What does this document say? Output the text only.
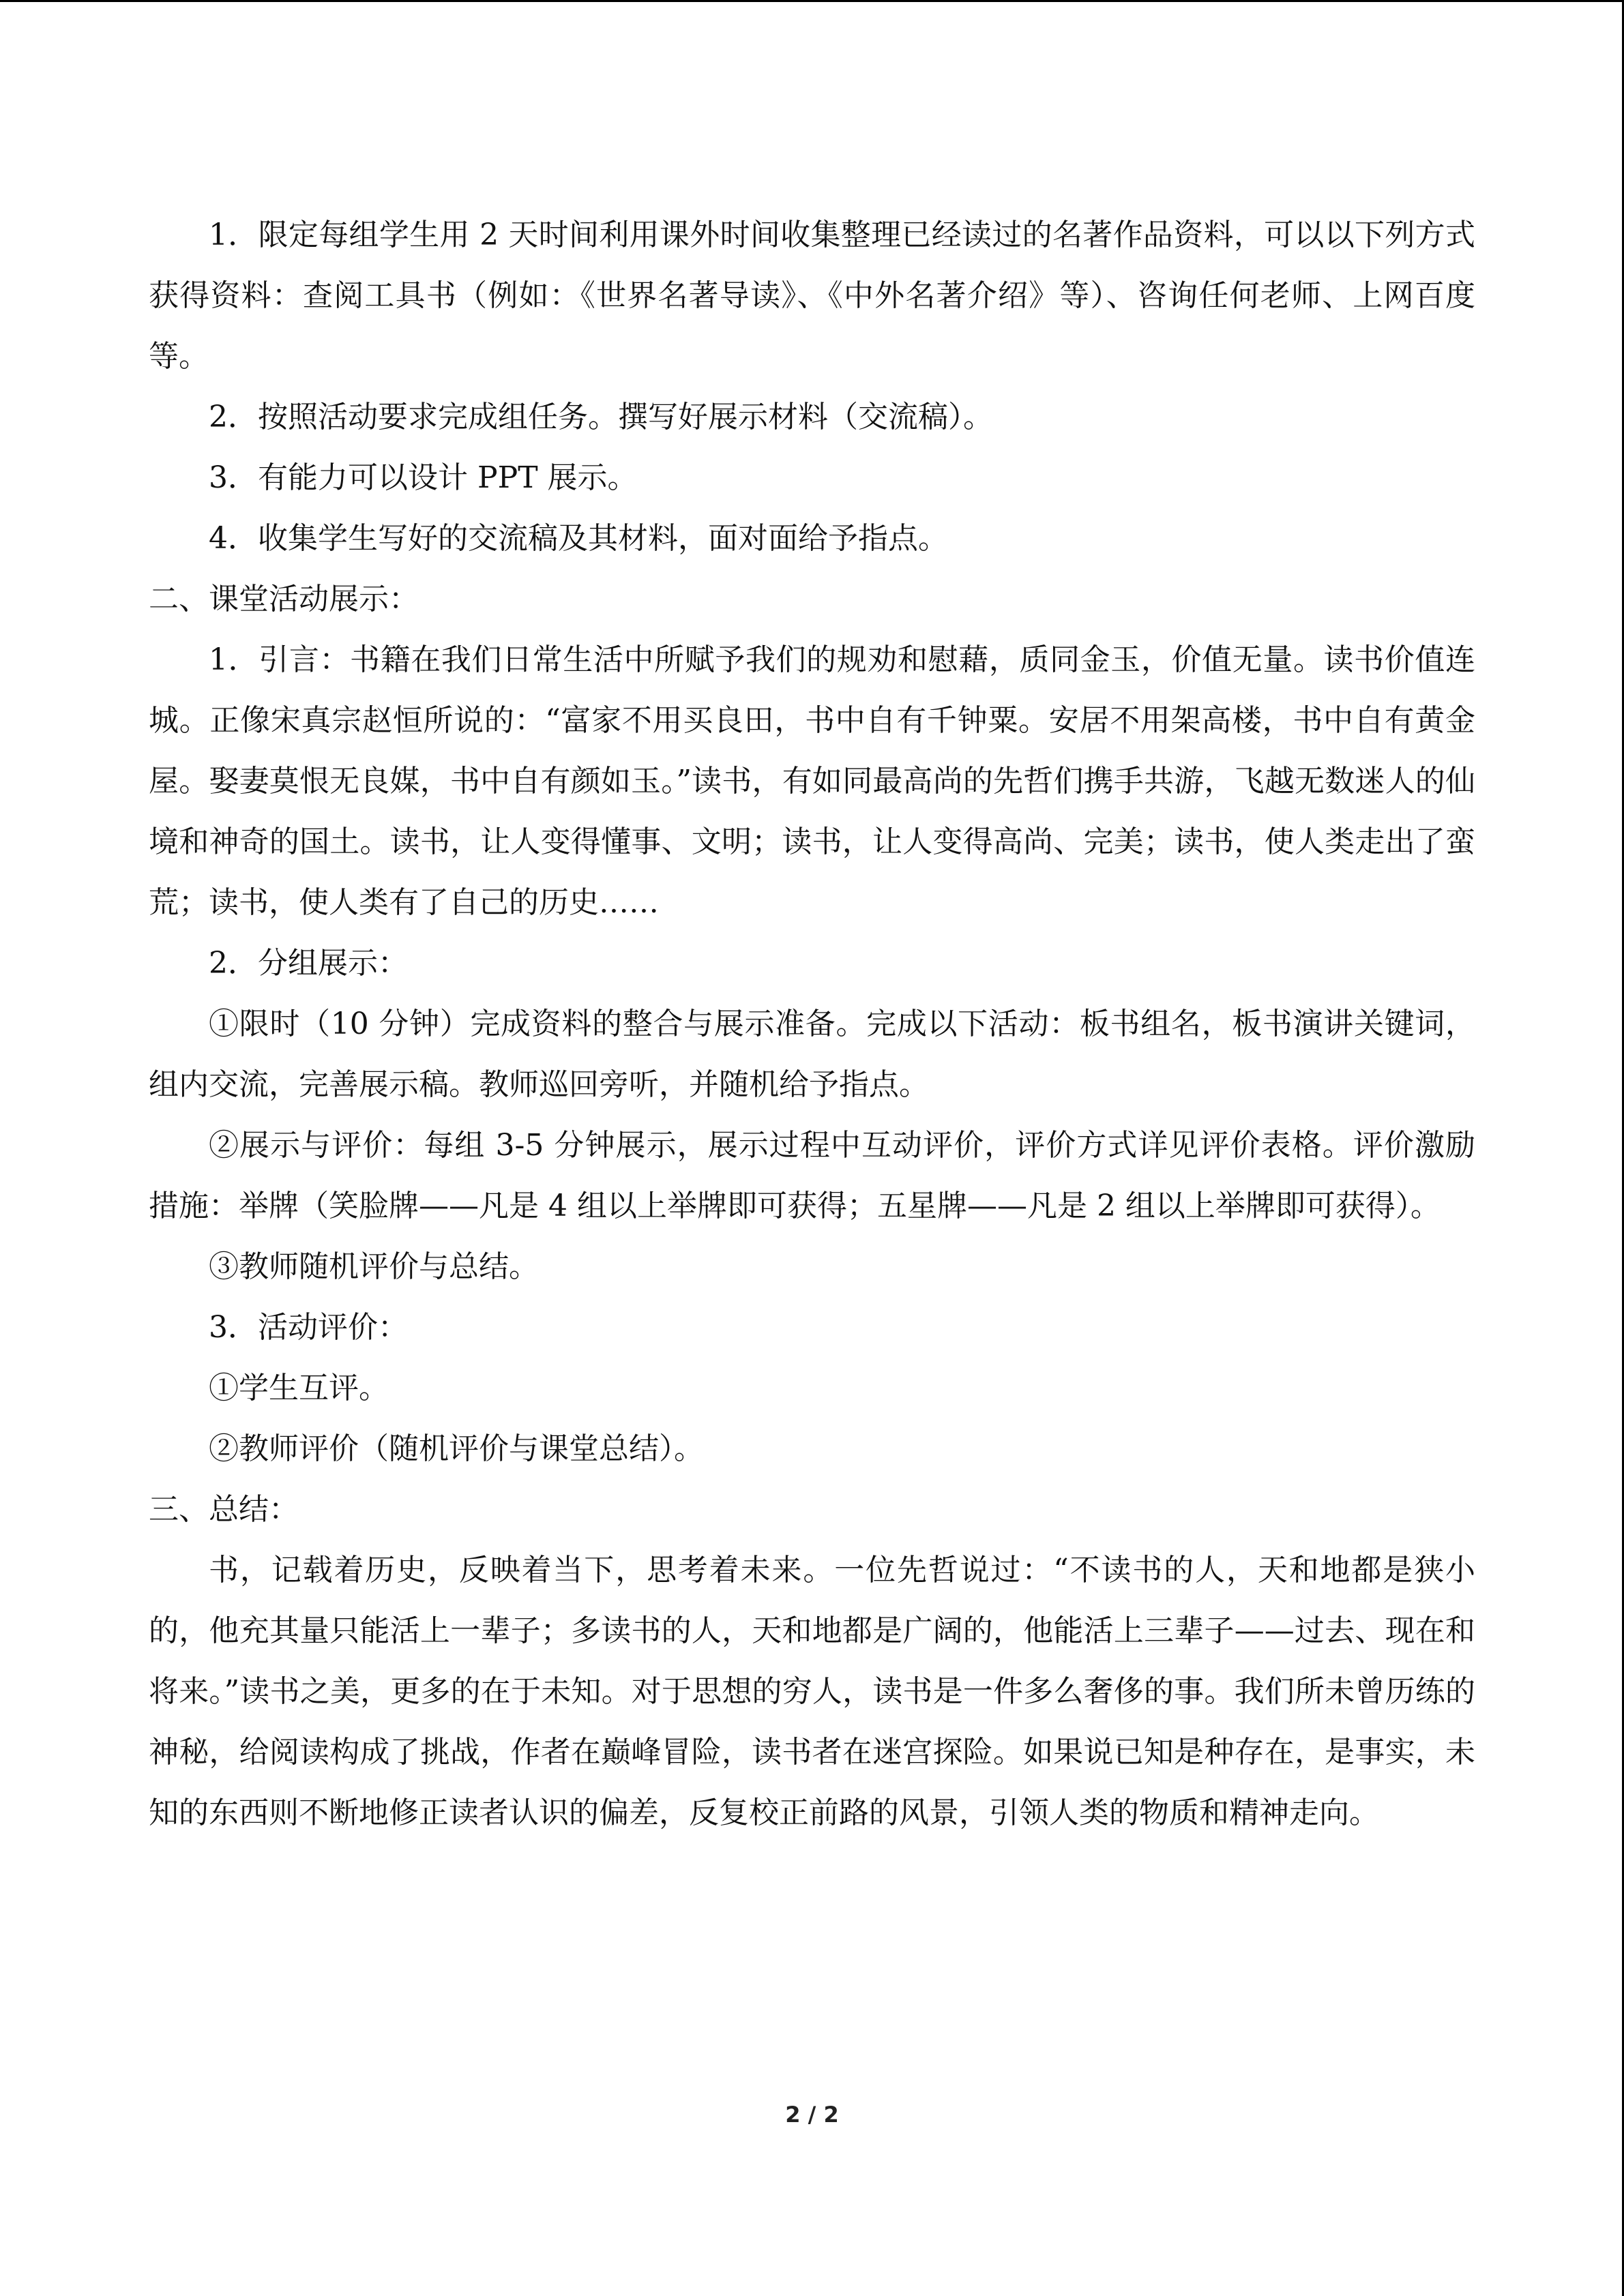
1．限定每组学生用 2 天时间利用课外时间收集整理已经读过的名著作品资料，可以以下列方式获得资料：查阅工具书（例如：《世界名著导读》、《中外名著介绍》等）、咨询任何老师、上网百度等。

2．按照活动要求完成组任务。撰写好展示材料（交流稿）。

3．有能力可以设计 PPT 展示。

4．收集学生写好的交流稿及其材料，面对面给予指点。

二、课堂活动展示：

1．引言：书籍在我们日常生活中所赋予我们的规劝和慰藉，质同金玉，价值无量。读书价值连城。正像宋真宗赵恒所说的：“富家不用买良田，书中自有千钟粟。安居不用架高楼，书中自有黄金屋。娶妻莫恨无良媒，书中自有颜如玉。”读书，有如同最高尚的先哲们携手共游，飞越无数迷人的仙境和神奇的国土。读书，让人变得懂事、文明；读书，让人变得高尚、完美；读书，使人类走出了蛮荒；读书，使人类有了自己的历史……

2．分组展示：

①限时（10 分钟）完成资料的整合与展示准备。完成以下活动：板书组名，板书演讲关键词，组内交流，完善展示稿。教师巡回旁听，并随机给予指点。

②展示与评价：每组 3-5 分钟展示，展示过程中互动评价，评价方式详见评价表格。评价激励措施：举牌（笑脸牌——凡是 4 组以上举牌即可获得；五星牌——凡是 2 组以上举牌即可获得）。

③教师随机评价与总结。

3．活动评价：

①学生互评。

②教师评价（随机评价与课堂总结）。

三、总结：

书，记载着历史，反映着当下，思考着未来。一位先哲说过：“不读书的人，天和地都是狭小的，他充其量只能活上一辈子；多读书的人，天和地都是广阔的，他能活上三辈子——过去、现在和将来。”读书之美，更多的在于未知。对于思想的穷人，读书是一件多么奢侈的事。我们所未曾历练的神秘，给阅读构成了挑战，作者在巅峰冒险，读书者在迷宫探险。如果说已知是种存在，是事实，未知的东西则不断地修正读者认识的偏差，反复校正前路的风景，引领人类的物质和精神走向。

2 / 2
